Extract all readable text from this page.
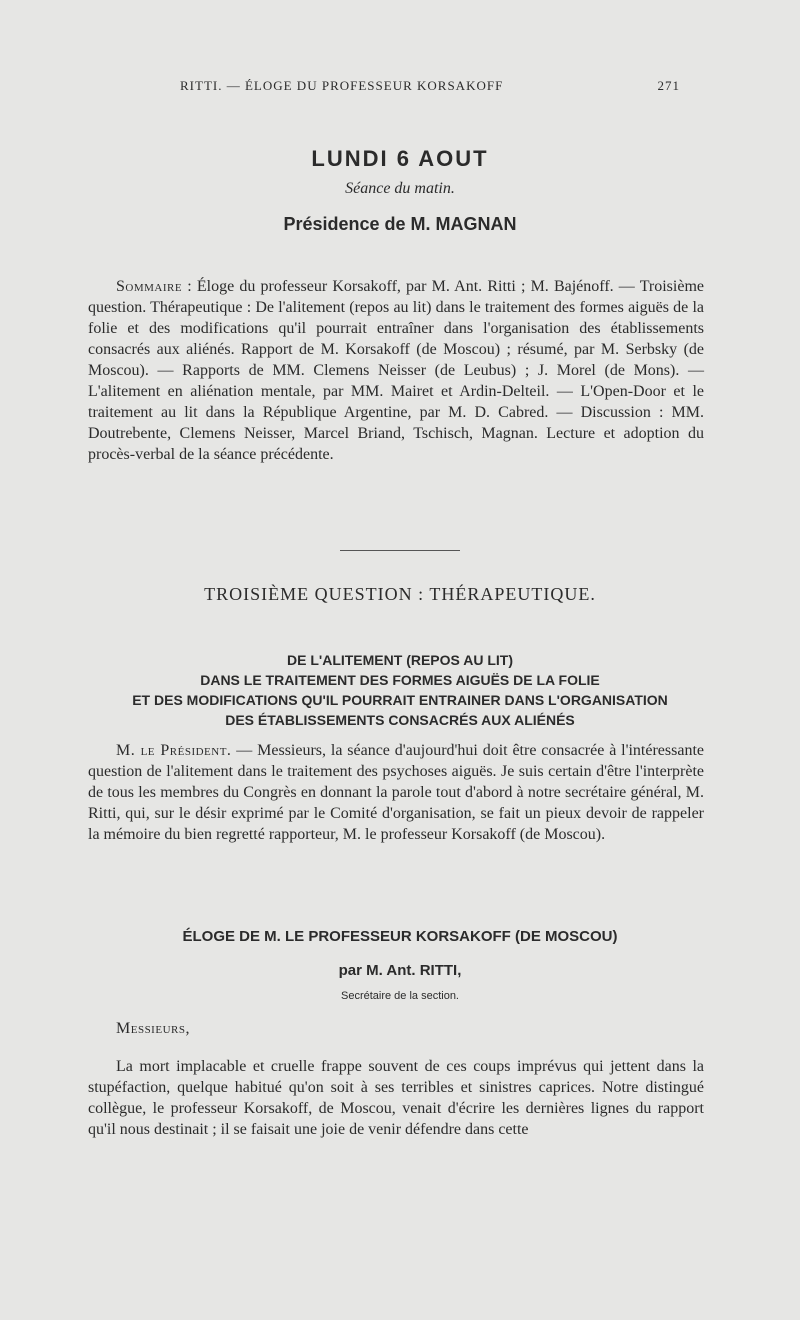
RITTI. — ÉLOGE DU PROFESSEUR KORSAKOFF	271
LUNDI 6 AOUT
Séance du matin.
Présidence de M. MAGNAN
Sommaire : Éloge du professeur Korsakoff, par M. Ant. Ritti ; M. Bajénoff. — Troisième question. Thérapeutique : De l'alitement (repos au lit) dans le traitement des formes aiguës de la folie et des modifications qu'il pourrait entraîner dans l'organisation des établissements consacrés aux aliénés. Rapport de M. Korsakoff (de Moscou) ; résumé, par M. Serbsky (de Moscou). — Rapports de MM. Clemens Neisser (de Leubus) ; J. Morel (de Mons). — L'alitement en aliénation mentale, par MM. Mairet et Ardin-Delteil. — L'Open-Door et le traitement au lit dans la République Argentine, par M. D. Cabred. — Discussion : MM. Doutrebente, Clemens Neisser, Marcel Briand, Tschisch, Magnan. Lecture et adoption du procès-verbal de la séance précédente.
TROISIÈME QUESTION : THÉRAPEUTIQUE.
DE L'ALITEMENT (REPOS AU LIT)
DANS LE TRAITEMENT DES FORMES AIGUËS DE LA FOLIE
ET DES MODIFICATIONS QU'IL POURRAIT ENTRAINER DANS L'ORGANISATION
DES ÉTABLISSEMENTS CONSACRÉS AUX ALIÉNÉS
M. le Président. — Messieurs, la séance d'aujourd'hui doit être consacrée à l'intéressante question de l'alitement dans le traitement des psychoses aiguës. Je suis certain d'être l'interprète de tous les membres du Congrès en donnant la parole tout d'abord à notre secrétaire général, M. Ritti, qui, sur le désir exprimé par le Comité d'organisation, se fait un pieux devoir de rappeler la mémoire du bien regretté rapporteur, M. le professeur Korsakoff (de Moscou).
ÉLOGE DE M. LE PROFESSEUR KORSAKOFF (DE MOSCOU)
par M. Ant. RITTI,
Secrétaire de la section.
Messieurs,
La mort implacable et cruelle frappe souvent de ces coups imprévus qui jettent dans la stupéfaction, quelque habitué qu'on soit à ses terribles et sinistres caprices. Notre distingué collègue, le professeur Korsakoff, de Moscou, venait d'écrire les dernières lignes du rapport qu'il nous destinait ; il se faisait une joie de venir défendre dans cette
